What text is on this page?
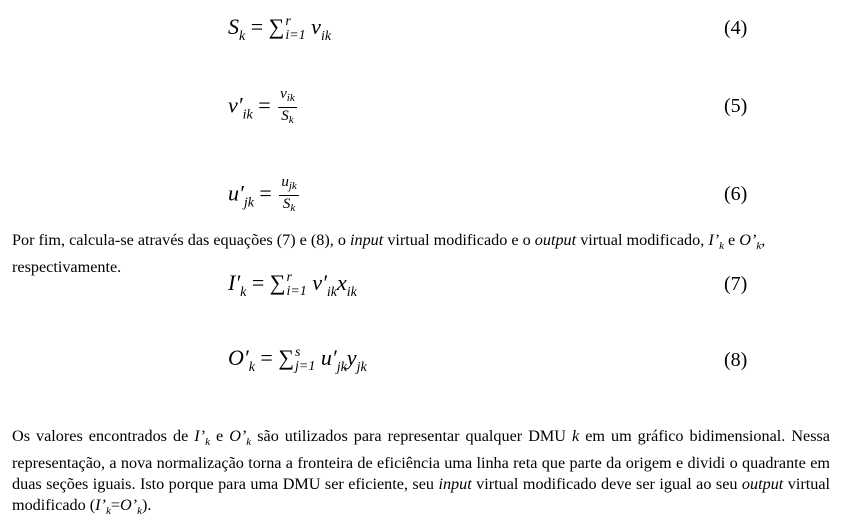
$S_k$ = ∑ r
i=1 $v_{ik}$	(4)
$v'_{ik} = \frac{v_{ik}}{S_k}$	(5)
$u'_{jk} = \frac{u_{jk}}{S_k}$	(6)
Por fim, calcula-se através das equações (7) e (8), o input virtual modificado e o output virtual modificado, $I’_k$ e $O’_k$, respectivamente.
$I'_k$ = ∑ r
i=1 $v'_{ik}x_{ik}$	(7)
$O'_k$ = ∑ s
j=1 $u'_{jk}y_{jk}$	(8)
Os valores encontrados de $I’_k$ e $O’_k$ são utilizados para representar qualquer DMU k em um gráfico bidimensional. Nessa representação, a nova normalização torna a fronteira de eficiência uma linha reta que parte da origem e dividi o quadrante em duas seções iguais. Isto porque para uma DMU ser eficiente, seu input virtual modificado deve ser igual ao seu output virtual modificado $(I’_k=O’_k)$.
